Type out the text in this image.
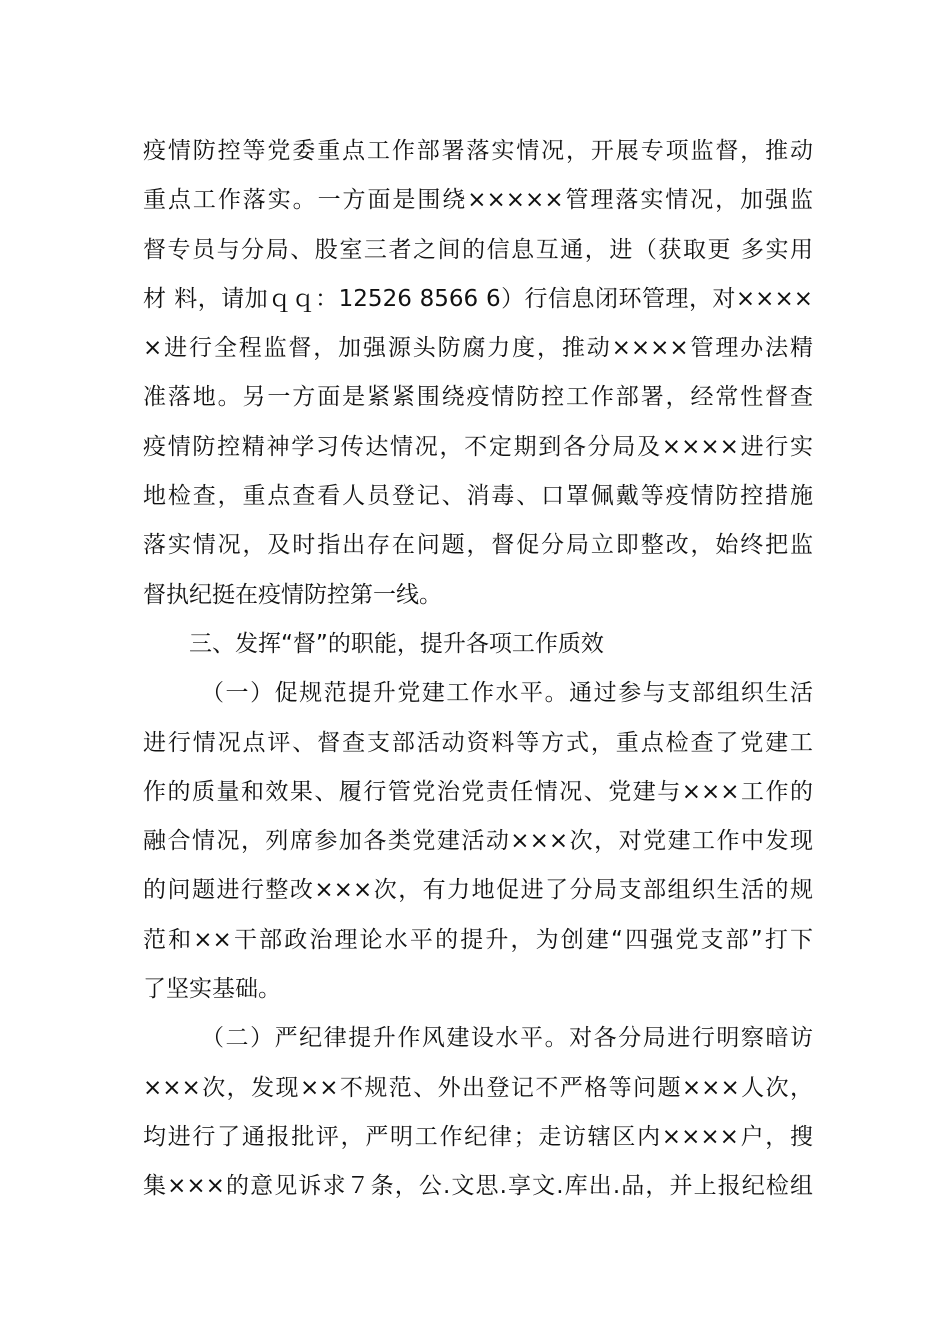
疫情防控等党委重点工作部署落实情况，开展专项监督，推动
重点工作落实。一方面是围绕×××××管理落实情况，加强监
督专员与分局、股室三者之间的信息互通，进（获取更 多实用
材 料，请加ｑｑ：12526 8566 6）行信息闭环管理，对××××
×进行全程监督，加强源头防腐力度，推动××××管理办法精
准落地。另一方面是紧紧围绕疫情防控工作部署，经常性督查
疫情防控精神学习传达情况，不定期到各分局及××××进行实
地检查，重点查看人员登记、消毒、口罩佩戴等疫情防控措施
落实情况，及时指出存在问题，督促分局立即整改，始终把监
督执纪挺在疫情防控第一线。
三、发挥“督”的职能，提升各项工作质效
（一）促规范提升党建工作水平。通过参与支部组织生活
进行情况点评、督查支部活动资料等方式，重点检查了党建工
作的质量和效果、履行管党治党责任情况、党建与×××工作的
融合情况，列席参加各类党建活动×××次，对党建工作中发现
的问题进行整改×××次，有力地促进了分局支部组织生活的规
范和××干部政治理论水平的提升，为创建“四强党支部”打下
了坚实基础。
（二）严纪律提升作风建设水平。对各分局进行明察暗访
×××次，发现××不规范、外出登记不严格等问题×××人次，
均进行了通报批评，严明工作纪律；走访辖区内××××户，搜
集×××的意见诉求７条，公.文思.享文.库出.品，并上报纪检组
